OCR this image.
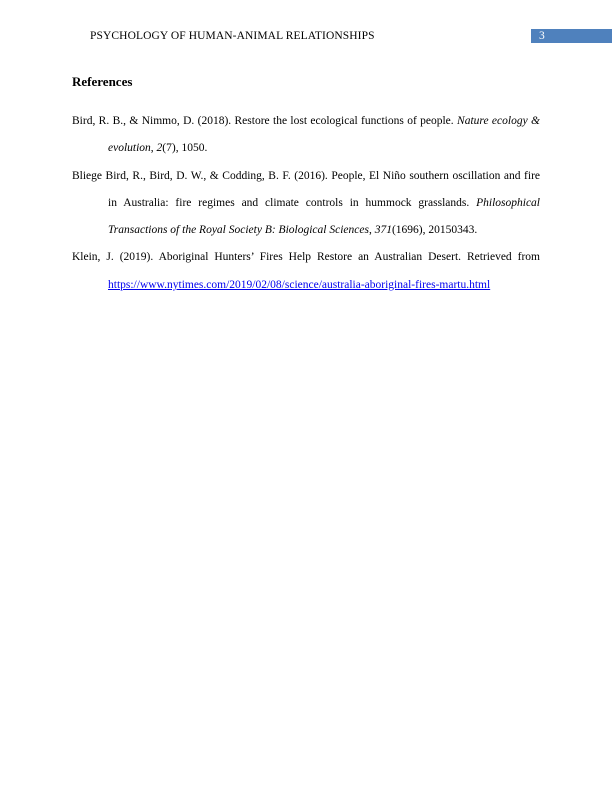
PSYCHOLOGY OF HUMAN-ANIMAL RELATIONSHIPS	3
References

Bird, R. B., & Nimmo, D. (2018). Restore the lost ecological functions of people. Nature ecology & evolution, 2(7), 1050.

Bliege Bird, R., Bird, D. W., & Codding, B. F. (2016). People, El Niño southern oscillation and fire in Australia: fire regimes and climate controls in hummock grasslands. Philosophical Transactions of the Royal Society B: Biological Sciences, 371(1696), 20150343.

Klein, J. (2019). Aboriginal Hunters’ Fires Help Restore an Australian Desert. Retrieved from https://www.nytimes.com/2019/02/08/science/australia-aboriginal-fires-martu.html
